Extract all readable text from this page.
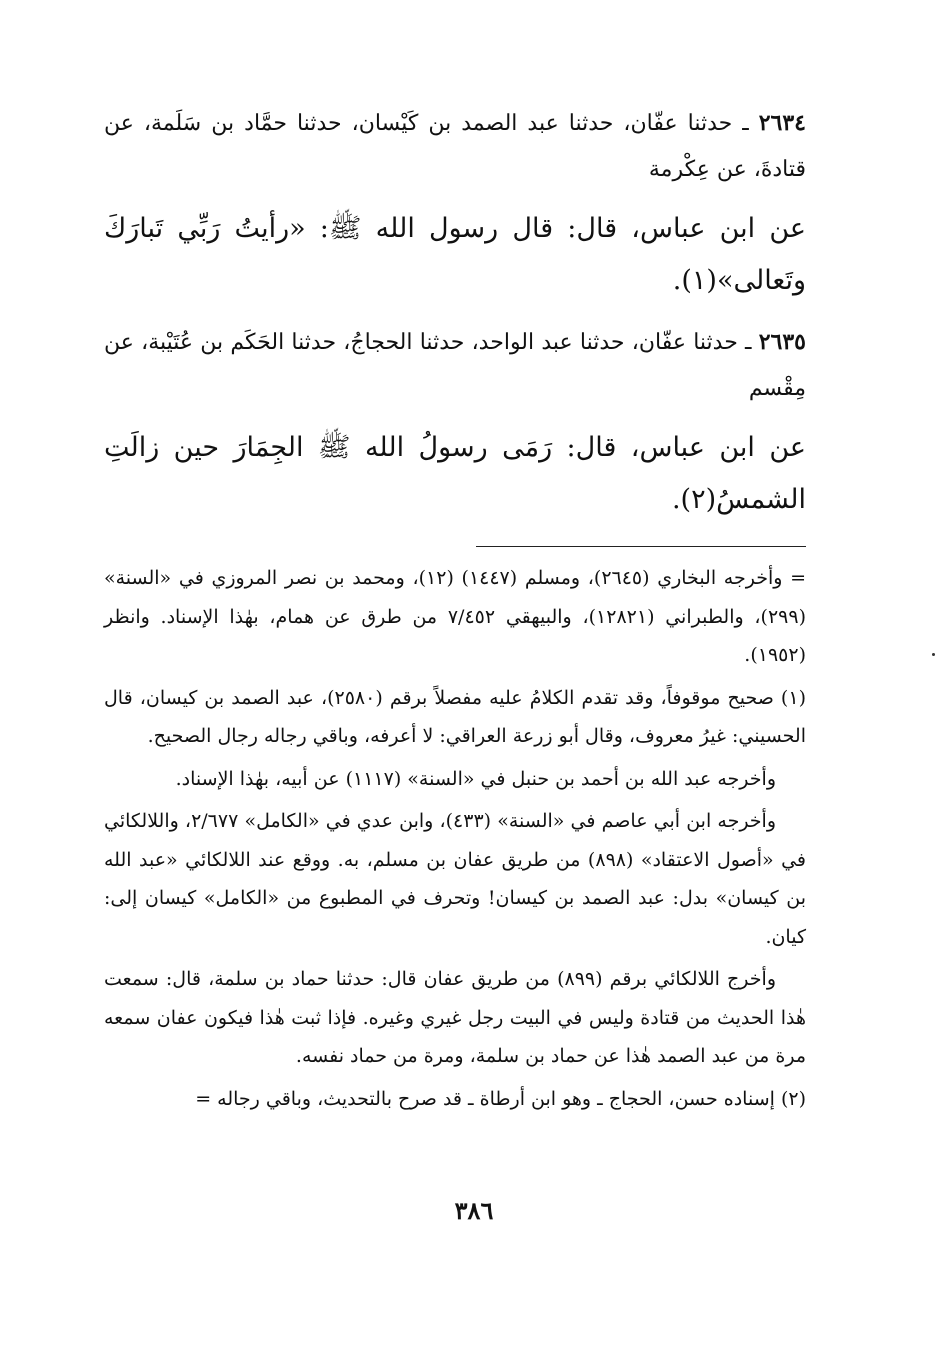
٢٦٣٤ ـ حدثنا عفّان، حدثنا عبد الصمد بن كَيْسان، حدثنا حمَّاد بن سَلَمة، عن قتادةَ، عن عِكْرمة

عن ابن عباس، قال: قال رسول الله ﷺ: «رأيتُ رَبِّي تَبارَكَ وتَعالى»(١).

٢٦٣٥ ـ حدثنا عفّان، حدثنا عبد الواحد، حدثنا الحجاجُ، حدثنا الحَكَم بن عُتَيْبة، عن مِقْسم

عن ابن عباس، قال: رَمَى رسولُ الله ﷺ الجِمَارَ حين زالَتِ الشمسُ(٢).

= وأخرجه البخاري (٢٦٤٥)، ومسلم (١٤٤٧) (١٢)، ومحمد بن نصر المروزي في «السنة» (٢٩٩)، والطبراني (١٢٨٢١)، والبيهقي ٧/٤٥٢ من طرق عن همام، بهٰذا الإسناد. وانظر (١٩٥٢).

(١) صحيح موقوفاً، وقد تقدم الكلامُ عليه مفصلاً برقم (٢٥٨٠)، عبد الصمد بن كيسان، قال الحسيني: غيرُ معروف، وقال أبو زرعة العراقي: لا أعرفه، وباقي رجاله رجال الصحيح.

وأخرجه عبد الله بن أحمد بن حنبل في «السنة» (١١١٧) عن أبيه، بهٰذا الإسناد.

وأخرجه ابن أبي عاصم في «السنة» (٤٣٣)، وابن عدي في «الكامل» ٢/٦٧٧، واللالكائي في «أصول الاعتقاد» (٨٩٨) من طريق عفان بن مسلم، به. ووقع عند اللالكائي «عبد الله بن كيسان» بدل: عبد الصمد بن كيسان! وتحرف في المطبوع من «الكامل» كيسان إلى: كيان.

وأخرج اللالكائي برقم (٨٩٩) من طريق عفان قال: حدثنا حماد بن سلمة، قال: سمعت هٰذا الحديث من قتادة وليس في البيت رجل غيري وغيره. فإذا ثبت هٰذا فيكون عفان سمعه مرة من عبد الصمد هٰذا عن حماد بن سلمة، ومرة من حماد نفسه.

(٢) إسناده حسن، الحجاج ـ وهو ابن أرطاة ـ قد صرح بالتحديث، وباقي رجاله =

٣٨٦
